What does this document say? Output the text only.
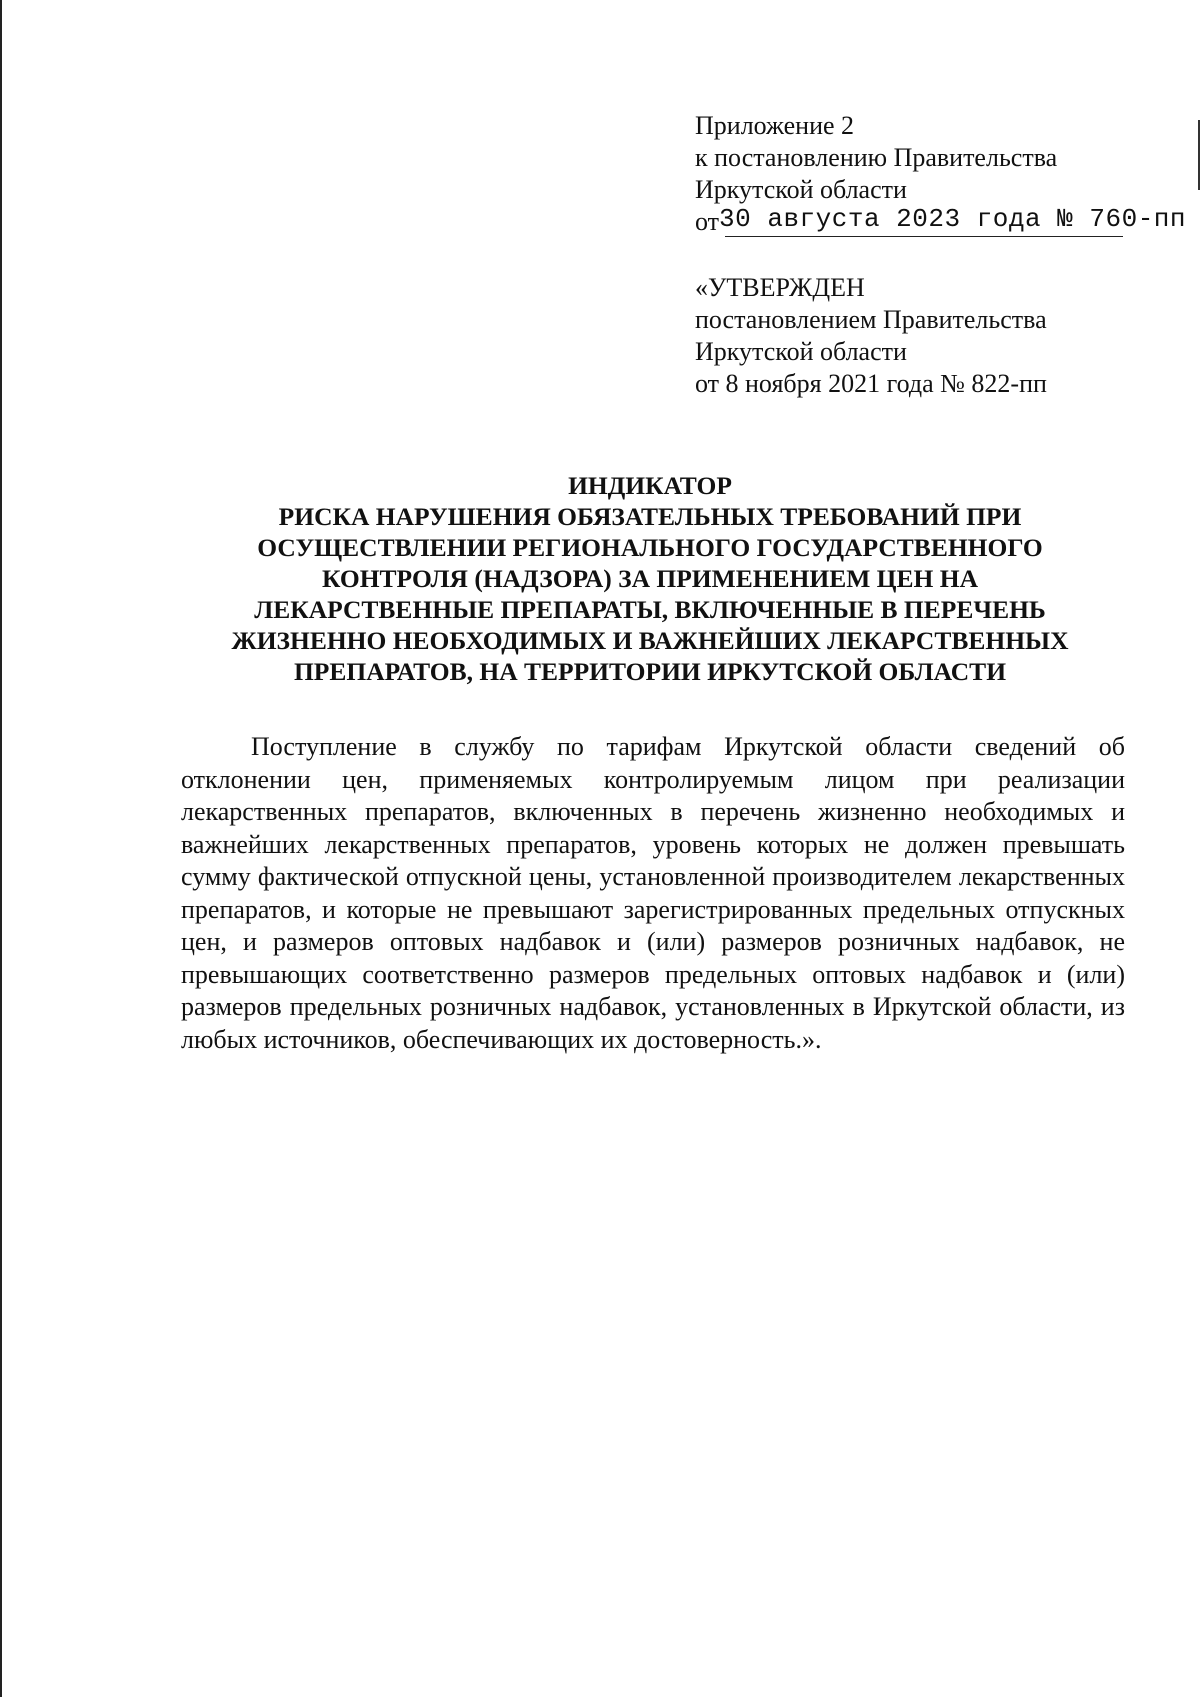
Приложение 2
к постановлению Правительства
Иркутской области
от30 августа 2023 года № 760-пп
«УТВЕРЖДЕН
постановлением Правительства
Иркутской области
от 8 ноября 2021 года № 822-пп
ИНДИКАТОР
РИСКА НАРУШЕНИЯ ОБЯЗАТЕЛЬНЫХ ТРЕБОВАНИЙ ПРИ
ОСУЩЕСТВЛЕНИИ РЕГИОНАЛЬНОГО ГОСУДАРСТВЕННОГО
КОНТРОЛЯ (НАДЗОРА) ЗА ПРИМЕНЕНИЕМ ЦЕН НА
ЛЕКАРСТВЕННЫЕ ПРЕПАРАТЫ, ВКЛЮЧЕННЫЕ В ПЕРЕЧЕНЬ
ЖИЗНЕННО НЕОБХОДИМЫХ И ВАЖНЕЙШИХ ЛЕКАРСТВЕННЫХ
ПРЕПАРАТОВ, НА ТЕРРИТОРИИ ИРКУТСКОЙ ОБЛАСТИ

Поступление в службу по тарифам Иркутской области сведений об отклонении цен, применяемых контролируемым лицом при реализации лекарственных препаратов, включенных в перечень жизненно необходимых и важнейших лекарственных препаратов, уровень которых не должен превышать сумму фактической отпускной цены, установленной производителем лекарственных препаратов, и которые не превышают зарегистрированных предельных отпускных цен, и размеров оптовых надбавок и (или) размеров розничных надбавок, не превышающих соответственно размеров предельных оптовых надбавок и (или) размеров предельных розничных надбавок, установленных в Иркутской области, из любых источников, обеспечивающих их достоверность.».
